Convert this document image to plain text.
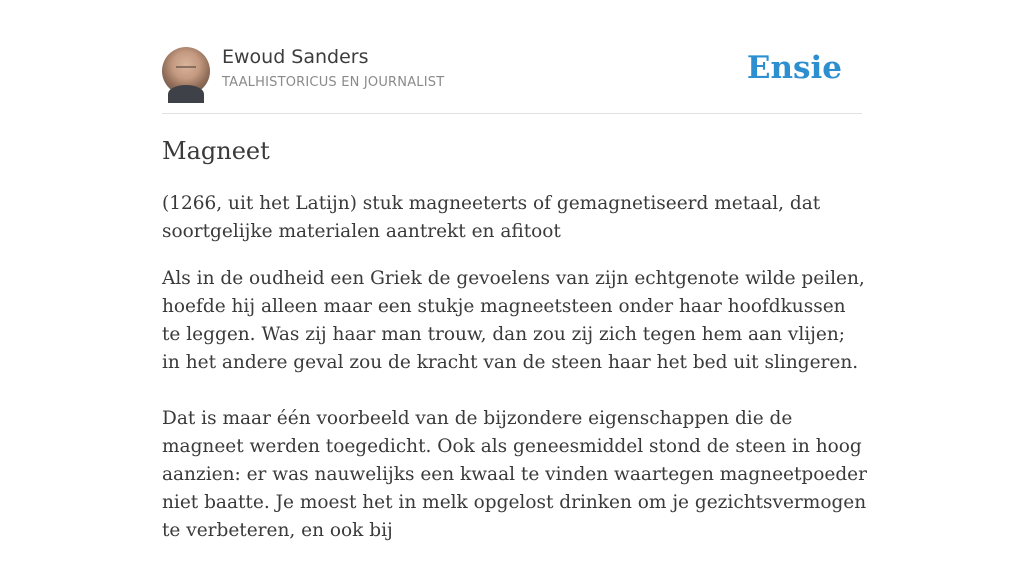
Ewoud Sanders
TAALHISTORICUS EN JOURNALIST	Ensie
Magneet
(1266, uit het Latijn) stuk magneeterts of gemagnetiseerd metaal, dat soortgelijke materialen aantrekt en afitoot

Als in de oudheid een Griek de gevoelens van zijn echtgenote wilde peilen, hoefde hij alleen maar een stukje magneetsteen onder haar hoofdkussen te leggen. Was zij haar man trouw, dan zou zij zich tegen hem aan vlijen; in het andere geval zou de kracht van de steen haar het bed uit slingeren.

Dat is maar één voorbeeld van de bijzondere eigenschappen die de magneet werden toegedicht. Ook als geneesmiddel stond de steen in hoog aanzien: er was nauwelijks een kwaal te vinden waartegen magneetpoeder niet baatte. Je moest het in melk opgelost drinken om je gezichtsvermogen te verbeteren, en ook bij
